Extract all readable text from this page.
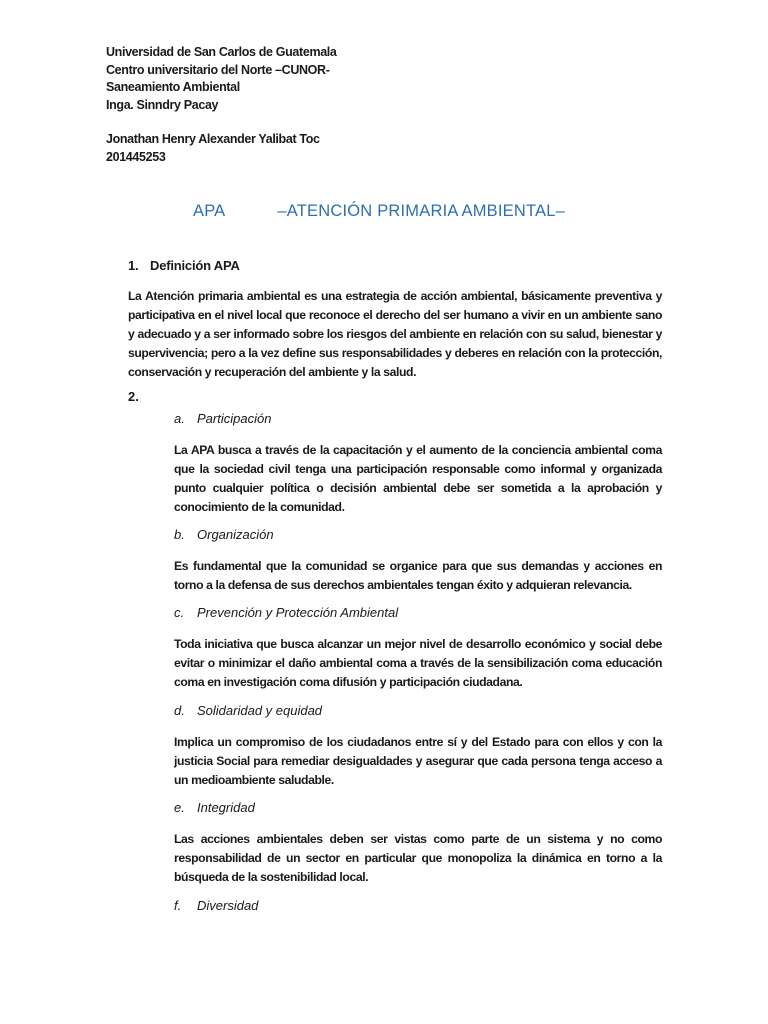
Universidad de San Carlos de Guatemala
Centro universitario del Norte –CUNOR-
Saneamiento Ambiental
Inga. Sinndry Pacay
Jonathan Henry Alexander Yalibat Toc
201445253
APA	–ATENCIÓN PRIMARIA AMBIENTAL–
1. Definición APA
La Atención primaria ambiental es una estrategia de acción ambiental, básicamente preventiva y participativa en el nivel local que reconoce el derecho del ser humano a vivir en un ambiente sano y adecuado y a ser informado sobre los riesgos del ambiente en relación con su salud, bienestar y supervivencia; pero a la vez define sus responsabilidades y deberes en relación con la protección, conservación y recuperación del ambiente y la salud.
2.
a. Participación
La APA busca a través de la capacitación y el aumento de la conciencia ambiental coma que la sociedad civil tenga una participación responsable como informal y organizada punto cualquier política o decisión ambiental debe ser sometida a la aprobación y conocimiento de la comunidad.
b. Organización
Es fundamental que la comunidad se organice para que sus demandas y acciones en torno a la defensa de sus derechos ambientales tengan éxito y adquieran relevancia.
c. Prevención y Protección Ambiental
Toda iniciativa que busca alcanzar un mejor nivel de desarrollo económico y social debe evitar o minimizar el daño ambiental coma a través de la sensibilización coma educación coma en investigación coma difusión y participación ciudadana.
d. Solidaridad y equidad
Implica un compromiso de los ciudadanos entre sí y del Estado para con ellos y con la justicia Social para remediar desigualdades y asegurar que cada persona tenga acceso a un medioambiente saludable.
e. Integridad
Las acciones ambientales deben ser vistas como parte de un sistema y no como responsabilidad de un sector en particular que monopoliza la dinámica en torno a la búsqueda de la sostenibilidad local.
f. Diversidad
